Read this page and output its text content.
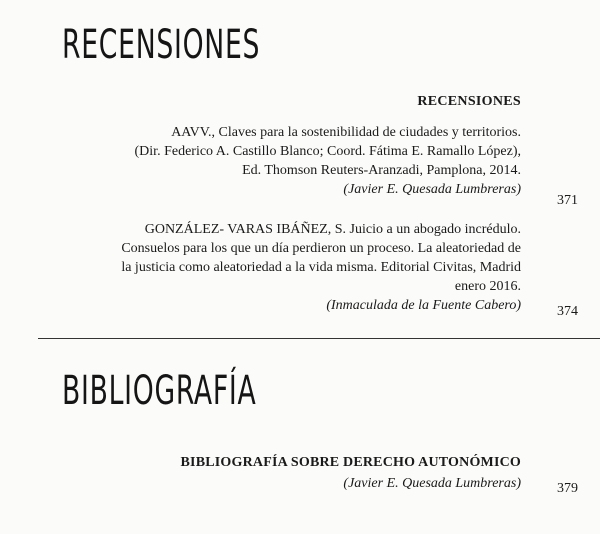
RECENSIONES
RECENSIONES
AAVV., Claves para la sostenibilidad de ciudades y territorios.
(Dir. Federico A. Castillo Blanco; Coord. Fátima E. Ramallo López),
Ed. Thomson Reuters-Aranzadi, Pamplona, 2014.
(Javier E. Quesada Lumbreras)
371
GONZÁLEZ- VARAS IBÁÑEZ, S. Juicio a un abogado incrédulo.
Consuelos para los que un día perdieron un proceso. La aleatoriedad de
la justicia como aleatoriedad a la vida misma. Editorial Civitas, Madrid
enero 2016.
(Inmaculada de la Fuente Cabero)	374
BIBLIOGRAFÍA
BIBLIOGRAFÍA SOBRE DERECHO AUTONÓMICO
(Javier E. Quesada Lumbreras)	379
